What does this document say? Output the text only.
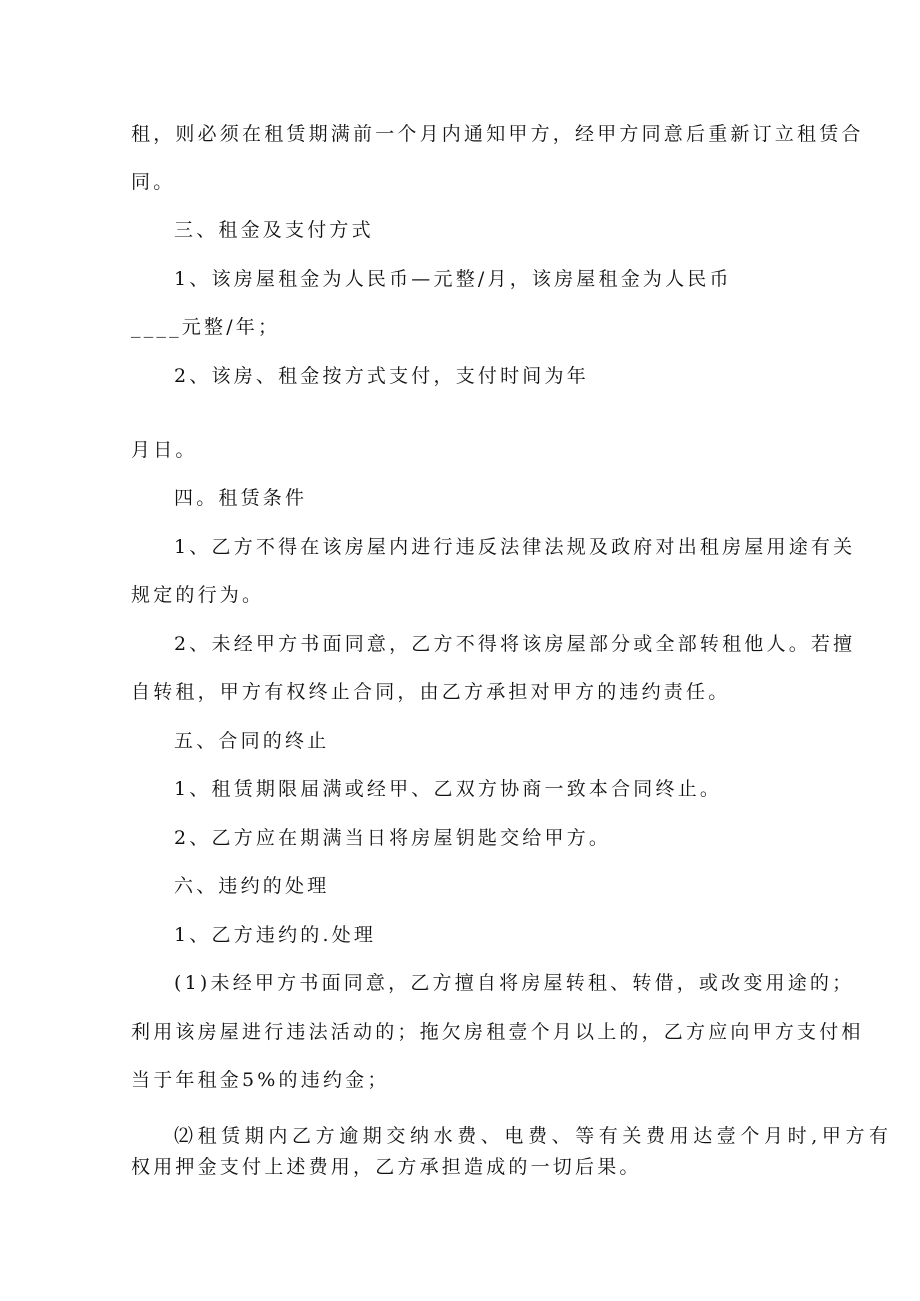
租，则必须在租赁期满前一个月内通知甲方，经甲方同意后重新订立租赁合
同。
三、租金及支付方式
1、该房屋租金为人民币—元整/月，该房屋租金为人民币
____元整/年；
2、该房、租金按方式支付，支付时间为年
月日。
四。租赁条件
1、乙方不得在该房屋内进行违反法律法规及政府对出租房屋用途有关
规定的行为。
2、未经甲方书面同意，乙方不得将该房屋部分或全部转租他人。若擅
自转租，甲方有权终止合同，由乙方承担对甲方的违约责任。
五、合同的终止
1、租赁期限届满或经甲、乙双方协商一致本合同终止。
2、乙方应在期满当日将房屋钥匙交给甲方。
六、违约的处理
1、乙方违约的.处理
(1)未经甲方书面同意，乙方擅自将房屋转租、转借，或改变用途的；
利用该房屋进行违法活动的；拖欠房租壹个月以上的，乙方应向甲方支付相
当于年租金5%的违约金；
⑵租赁期内乙方逾期交纳水费、电费、等有关费用达壹个月时,甲方有
权用押金支付上述费用，乙方承担造成的一切后果。
